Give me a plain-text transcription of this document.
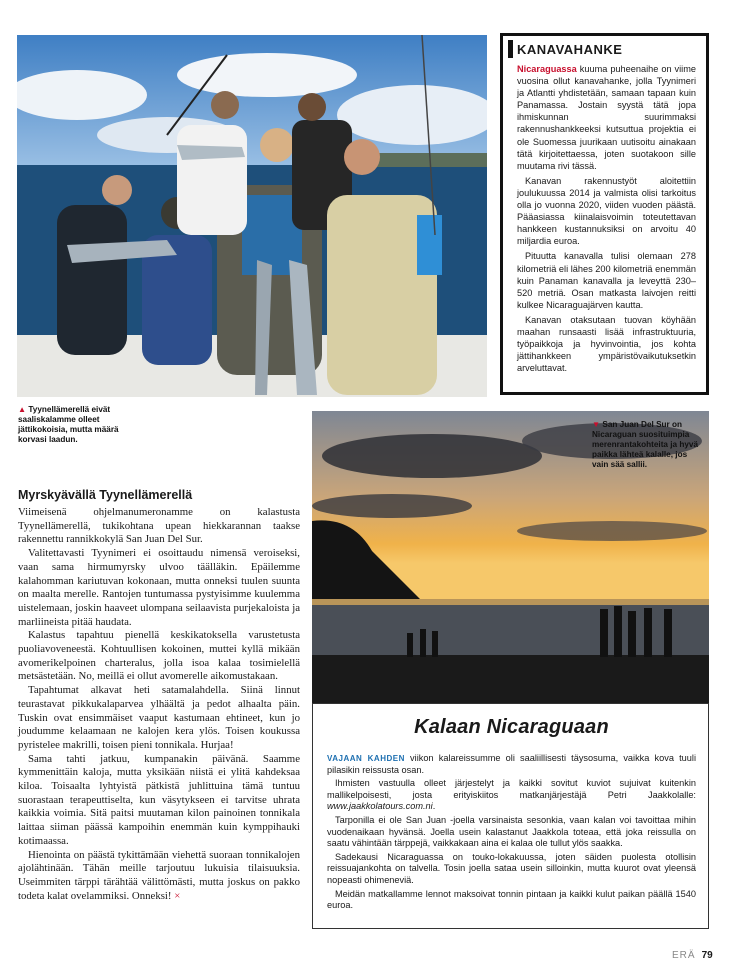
KANAVAHANKE

Nicaraguassa kuuma puheenaihe on viime vuosina ollut kanavahanke, jolla Tyynimeri ja Atlantti yhdistetään, samaan tapaan kuin Panamassa. Jostain syystä tätä jopa ihmiskunnan suurimmaksi rakennushankkeeksi kutsuttua projektia ei ole Suomessa juurikaan uutisoitu ainakaan tätä kirjoitettaessa, joten suotakoon sille muutama rivi tässä.

Kanavan rakennustyöt aloitettiin joulukuussa 2014 ja valmista olisi tarkoitus olla jo vuonna 2020, viiden vuoden päästä. Pääasiassa kiinalaisvoimin toteutettavan hankkeen kustannuksiksi on arvoitu 40 miljardia euroa.

Pituutta kanavalla tulisi olemaan 278 kilometriä eli lähes 200 kilometriä enemmän kuin Panaman kanavalla ja leveyttä 230–520 metriä. Osan matkasta laivojen reitti kulkee Nicaraguajärven kautta.

Kanavan otaksutaan tuovan köyhään maahan runsaasti lisää infrastruktuuria, työpaikkoja ja hyvinvointia, jos kohta jättihankkeen ympäristövaikutuksetkin arveluttavat.

▲ Tyynellämerellä eivät saaliskalamme olleet jättikokoisia, mutta määrä korvasi laadun.
▼ San Juan Del Sur on Nicaraguan suosituimpia merenrantakohteita ja hyvä paikka lähteä kalalle, jos vain sää sallii.
Myrskyävällä Tyynellämerellä

Viimeisenä ohjelmanumeronamme on kalastusta Tyynellämerellä, tukikohtana upean hiekkarannan taakse rakennettu rannikkokylä San Juan Del Sur.

Valitettavasti Tyynimeri ei osoittaudu nimensä veroiseksi, vaan sama hirmumyrsky ulvoo täälläkin. Epäilemme kalahomman kariutuvan kokonaan, mutta onneksi tuulen suunta on maalta merelle. Rantojen tuntumassa pystyisimme kuulemma uistelemaan, joskin haaveet ulompana seilaavista purjekaloista ja marliineista pitää haudata.

Kalastus tapahtuu pienellä keskikatoksella varustetusta puoliavoveneestä. Kohtuullisen kokoinen, muttei kyllä mikään avomerikelpoinen charteralus, jolla isoa kalaa tosimielellä metsästetään. No, meillä ei ollut avomerelle aikomustakaan.

Tapahtumat alkavat heti satamalahdella. Siinä linnut teurastavat pikkukalaparvea ylhäältä ja pedot alhaalta päin. Tuskin ovat ensimmäiset vaaput kastumaan ehtineet, kun jo joudumme kelaamaan ne kalojen kera ylös. Toisen koukussa pyristelee makrilli, toisen pieni tonnikala. Hurjaa!

Sama tahti jatkuu, kumpanakin päivänä. Saamme kymmenittäin kaloja, mutta yksikään niistä ei ylitä kahdeksaa kiloa. Toisaalta lyhtyistä pätkistä juhlittuina tämä tuntuu suorastaan terapeuttiselta, kun väsytykseen ei tarvitse uhrata kaikkia voimia. Sitä paitsi muutaman kilon painoinen tonnikala laittaa siiman päässä kampoihin enemmän kuin kymppihauki kotimaassa.

Hienointa on päästä tykittämään viehettä suoraan tonnikalojen ajolähtinään. Tähän meille tarjoutuu lukuisia tilaisuuksia. Useimmiten tärppi tärähtää välittömästi, mutta joskus on pakko todeta kalat ovelammiksi. Onneksi! ×

Kalaan Nicaraguaan

VAJAAN KAHDEN viikon kalareissumme oli saaliillisesti täysosuma, vaikka kova tuuli pilasikin reissusta osan.

Ihmisten vastuulla olleet järjestelyt ja kaikki sovitut kuviot sujuivat kuitenkin mallikelpoisesti, josta erityiskiitos matkanjärjestäjä Petri Jaakkolalle: www.jaakkolatours.com.ni.

Tarponilla ei ole San Juan -joella varsinaista sesonkia, vaan kalan voi tavoittaa mihin vuodenaikaan hyvänsä. Joella usein kalastanut Jaakkola toteaa, että joka reissulla on saatu vähintään tärppejä, vaikkakaan aina ei kalaa ole tullut ylös saakka.

Sadekausi Nicaraguassa on touko-lokakuussa, joten säiden puolesta otollisin reissuajankohta on talvella. Tosin joella sataa usein silloinkin, mutta kuurot ovat yleensä nopeasti ohimeneviä.

Meidän matkallamme lennot maksoivat tonnin pintaan ja kaikki kulut paikan päällä 1540 euroa.

ERÄ 79
